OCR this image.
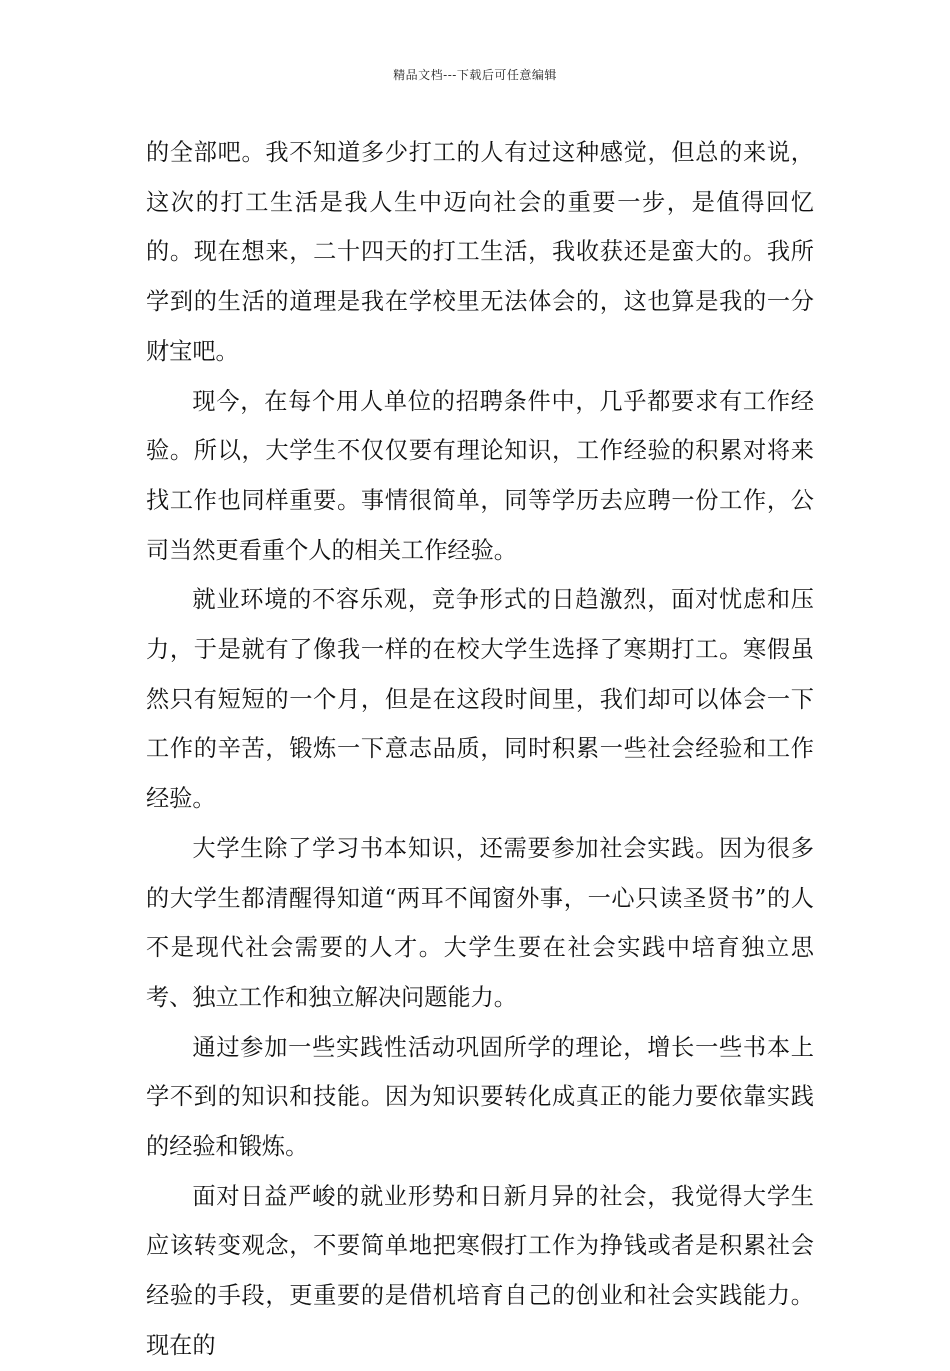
精品文档---下载后可任意编辑

的全部吧。我不知道多少打工的人有过这种感觉，但总的来说，这次的打工生活是我人生中迈向社会的重要一步，是值得回忆的。现在想来，二十四天的打工生活，我收获还是蛮大的。我所学到的生活的道理是我在学校里无法体会的，这也算是我的一分财宝吧。

现今，在每个用人单位的招聘条件中，几乎都要求有工作经验。所以，大学生不仅仅要有理论知识，工作经验的积累对将来找工作也同样重要。事情很简单，同等学历去应聘一份工作，公司当然更看重个人的相关工作经验。

就业环境的不容乐观，竞争形式的日趋激烈，面对忧虑和压力，于是就有了像我一样的在校大学生选择了寒期打工。寒假虽然只有短短的一个月，但是在这段时间里，我们却可以体会一下工作的辛苦，锻炼一下意志品质，同时积累一些社会经验和工作经验。

大学生除了学习书本知识，还需要参加社会实践。因为很多的大学生都清醒得知道“两耳不闻窗外事，一心只读圣贤书”的人不是现代社会需要的人才。大学生要在社会实践中培育独立思考、独立工作和独立解决问题能力。

通过参加一些实践性活动巩固所学的理论，增长一些书本上学不到的知识和技能。因为知识要转化成真正的能力要依靠实践的经验和锻炼。

面对日益严峻的就业形势和日新月异的社会，我觉得大学生应该转变观念，不要简单地把寒假打工作为挣钱或者是积累社会经验的手段，更重要的是借机培育自己的创业和社会实践能力。现在的
